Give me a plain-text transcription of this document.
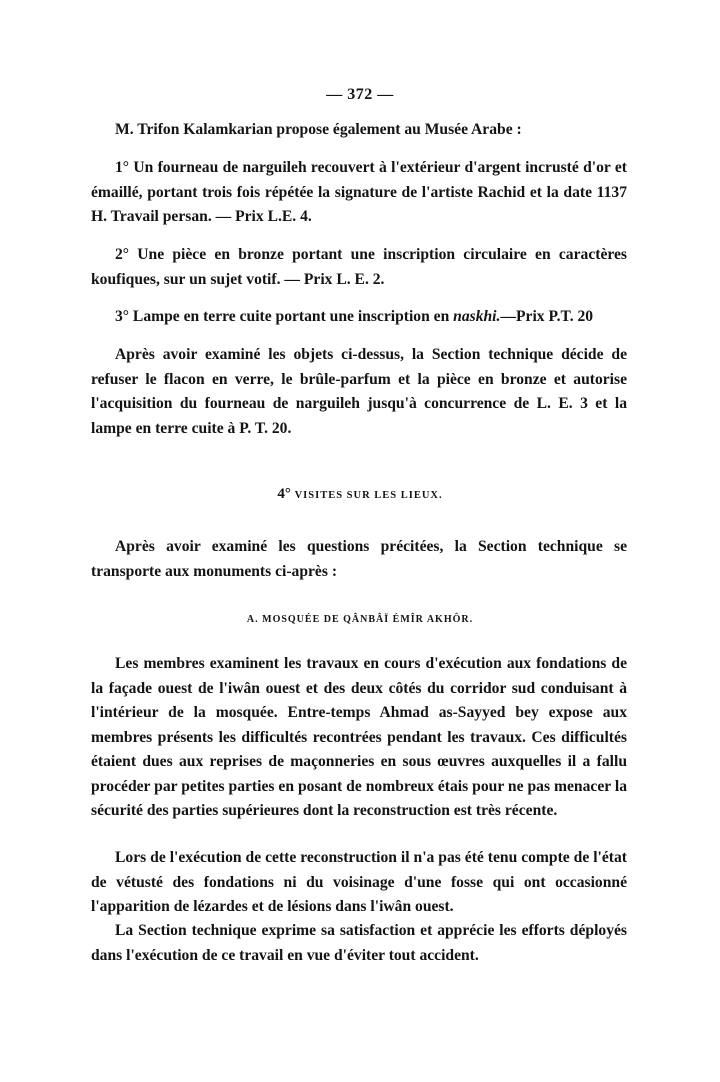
— 372 —

M. Trifon Kalamkarian propose également au Musée Arabe :

1° Un fourneau de narguileh recouvert à l'extérieur d'argent incrusté d'or et émaillé, portant trois fois répétée la signature de l'artiste Rachid et la date 1137 H. Travail persan. — Prix L.E. 4.

2° Une pièce en bronze portant une inscription circulaire en caractères koufiques, sur un sujet votif. — Prix L. E. 2.

3° Lampe en terre cuite portant une inscription en naskhi.—Prix P.T. 20

Après avoir examiné les objets ci-dessus, la Section technique décide de refuser le flacon en verre, le brûle-parfum et la pièce en bronze et autorise l'acquisition du fourneau de narguileh jusqu'à concurrence de L. E. 3 et la lampe en terre cuite à P. T. 20.

4° VISITES SUR LES LIEUX.

Après avoir examiné les questions précitées, la Section technique se transporte aux monuments ci-après :

A. MOSQUÉE DE QÂNBÂÏ ÉMÎR AKHÔR.

Les membres examinent les travaux en cours d'exécution aux fondations de la façade ouest de l'iwân ouest et des deux côtés du corridor sud conduisant à l'intérieur de la mosquée. Entre-temps Ahmad as-Sayyed bey expose aux membres présents les difficultés recontrées pendant les travaux. Ces difficultés étaient dues aux reprises de maçonneries en sous œuvres auxquelles il a fallu procéder par petites parties en posant de nombreux étais pour ne pas menacer la sécurité des parties supérieures dont la reconstruction est très récente.

Lors de l'exécution de cette reconstruction il n'a pas été tenu compte de l'état de vétusté des fondations ni du voisinage d'une fosse qui ont occasionné l'apparition de lézardes et de lésions dans l'iwân ouest.

La Section technique exprime sa satisfaction et apprécie les efforts déployés dans l'exécution de ce travail en vue d'éviter tout accident.
